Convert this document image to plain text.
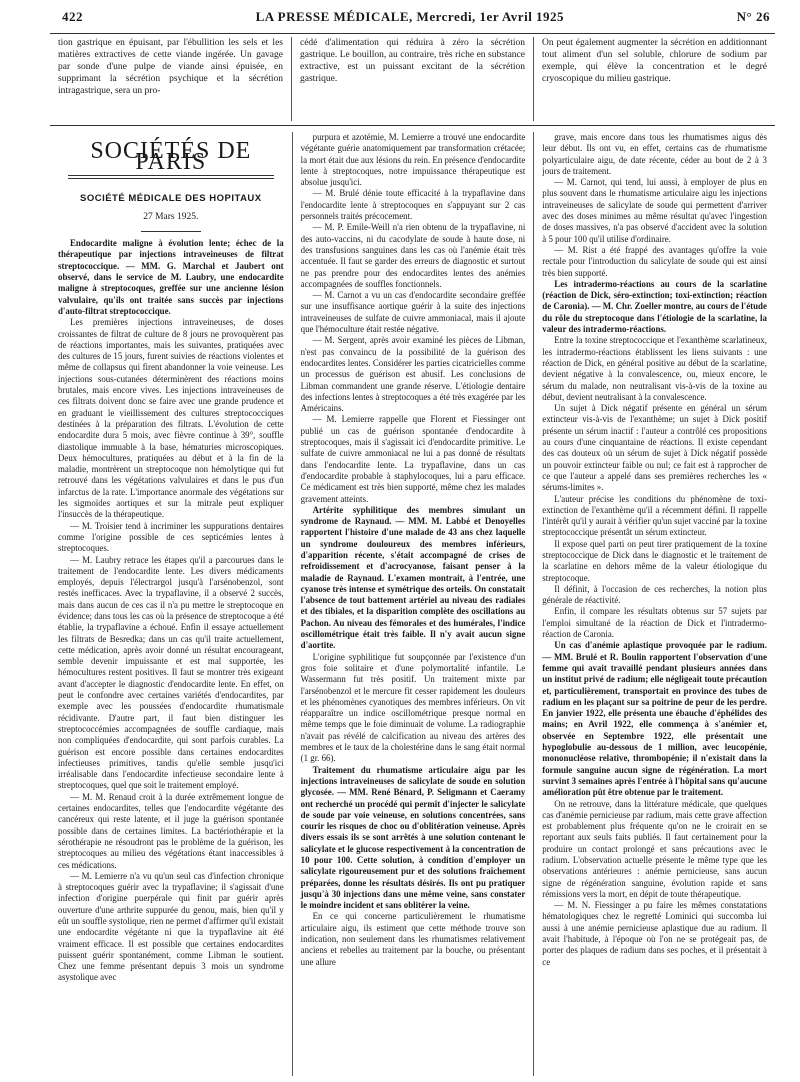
422	LA PRESSE MÉDICALE, Mercredi, 1er Avril 1925	N° 26
tion gastrique en épuisant, par l'ébullition les sels et les matières extractives de cette viande ingérée. Un gavage par sonde d'une pulpe de viande ainsi épuisée, en supprimant la sécrétion psychique et la sécrétion intragastrique, sera un pro-
cédé d'alimentation qui réduira à zéro la sécrétion gastrique. Le bouillon, au contraire, très riche en substance extractive, est un puissant excitant de la sécrétion gastrique.
On peut également augmenter la sécrétion en additionnant tout aliment d'un sel soluble, chlorure de sodium par exemple, qui élève la concentration et le degré cryoscopique du milieu gastrique.
SOCIÉTÉS DE PARIS
SOCIÉTÉ MÉDICALE DES HOPITAUX
27 Mars 1925.

Endocardite maligne à évolution lente; échec de la thérapeutique par injections intraveineuses de filtrat streptococcique. — MM. G. Marchal et Jaubert ont observé, dans le service de M. Laubry, une endocardite maligne à streptocoques, greffée sur une ancienne lésion valvulaire, qu'ils ont traitée sans succès par injections d'auto-filtrat streptococcique.

Les premières injections intraveineuses, de doses croissantes de filtrat de culture de 8 jours ne provoquèrent pas de réactions importantes, mais les suivantes, pratiquées avec des cultures de 15 jours, furent suivies de réactions violentes et même de collapsus qui firent abandonner la voie veineuse. Les injections sous-cutanées déterminèrent des réactions moins brutales, mais encore vives. Les injections intraveineuses de ces filtrats doivent donc se faire avec une grande prudence et en graduant le vieillissement des cultures streptococciques destinées à la préparation des filtrats. L'évolution de cette endocardite dura 5 mois, avec fièvre continue à 39°, souffle diastolique immuable à la base, hématuries microscopiques. Deux hémocultures, pratiquées au début et à la fin de la maladie, montrèrent un streptocoque non hémolytique qui fut retrouvé dans les végétations valvulaires et dans le pus d'un infarctus de la rate. L'importance anormale des végétations sur les sigmoïdes aortiques et sur la mitrale peut expliquer l'insuccès de la thérapeutique.

— M. Troisier tend à incriminer les suppurations dentaires comme l'origine possible de ces septicémies lentes à streptocoques.

— M. Laubry retrace les étapes qu'il a parcourues dans le traitement de l'endocardite lente. Les divers médicaments employés, depuis l'électrargol jusqu'à l'arsénobenzol, sont restés inefficaces. Avec la trypaflavine, il a observé 2 succès, mais dans aucun de ces cas il n'a pu mettre le streptocoque en évidence; dans tous les cas où la présence de streptocoque a été établie, la trypaflavine a échoué. Enfin il essaye actuellement les filtrats de Besredka; dans un cas qu'il traite actuellement, cette médication, après avoir donné un résultat encourageant, semble devenir impuissante et est mal supportée, les hémocultures restent positives. Il faut se montrer très exigeant avant d'accepter le diagnostic d'endocardite lente. En effet, on peut le confondre avec certaines variétés d'endocardites, par exemple avec les poussées d'endocardite rhumatismale récidivante. D'autre part, il faut bien distinguer les streptococcémies accompagnées de souffle cardiaque, mais non compliquées d'endocardite, qui sont parfois curables. La guérison est encore possible dans certaines endocardites infectieuses primitives, tandis qu'elle semble jusqu'ici irréalisable dans l'endocardite infectieuse secondaire lente à streptocoques, quel que soit le traitement employé.

— M. M. Renaud croit à la durée extrêmement longue de certaines endocardites, telles que l'endocardite végétante des cancéreux qui reste latente, et il juge la guérison spontanée possible dans de certaines limites. La bactériothérapie et la sérothérapie ne résoudront pas le problème de la guérison, les streptocoques au milieu des végétations étant inaccessibles à ces médications.

— M. Lemierre n'a vu qu'un seul cas d'infection chronique à streptocoques guérir avec la trypaflavine; il s'agissait d'une infection d'origine puerpérale qui finit par guérir après ouverture d'une arthrite suppurée du genou, mais, bien qu'il y eût un souffle systolique, rien ne permet d'affirmer qu'il existait une endocardite végétante ni que la trypaflavine ait été vraiment efficace. Il est possible que certaines endocardites puissent guérir spontanément, comme Libman le soutient. Chez une femme présentant depuis 3 mois un syndrome asystolique avec

purpura et azotémie, M. Lemierre a trouvé une endocardite végétante guérie anatomiquement par transformation crétacée; la mort était due aux lésions du rein. En présence d'endocardite lente à streptocoques, notre impuissance thérapeutique est absolue jusqu'ici.

— M. Brulé dénie toute efficacité à la trypaflavine dans l'endocardite lente à streptocoques en s'appuyant sur 2 cas personnels traités précocement.

— M. P. Emile-Weill n'a rien obtenu de la trypaflavine, ni des auto-vaccins, ni du cacodylate de soude à haute dose, ni des transfusions sanguines dans les cas où l'anémie était très accentuée. Il faut se garder des erreurs de diagnostic et surtout ne pas prendre pour des endocardites lentes des anémies accompagnées de souffles fonctionnels.

— M. Carnot a vu un cas d'endocardite secondaire greffée sur une insuffisance aortique guérir à la suite des injections intraveineuses de sulfate de cuivre ammoniacal, mais il ajoute que l'hémoculture était restée négative.

— M. Sergent, après avoir examiné les pièces de Libman, n'est pas convaincu de la possibilité de la guérison des endocardites lentes. Considérer les parties cicatricielles comme un processus de guérison est abusif. Les conclusions de Libman commandent une grande réserve. L'étiologie dentaire des infections lentes à streptocoques a été très exagérée par les Américains.

— M. Lemierre rappelle que Florent et Fiessinger ont publié un cas de guérison spontanée d'endocardite à streptocoques, mais il s'agissait ici d'endocardite primitive. Le sulfate de cuivre ammoniacal ne lui a pas donné de résultats dans l'endocardite lente. La trypaflavine, dans un cas d'endocardite probable à staphylocoques, lui a paru efficace. Ce médicament est très bien supporté, même chez les malades gravement atteints.

Artérite syphilitique des membres simulant un syndrome de Raynaud. — MM. M. Labbé et Denoyelles rapportent l'histoire d'une malade de 43 ans chez laquelle un syndrome douloureux des membres inférieurs, d'apparition récente, s'était accompagné de crises de refroidissement et d'acrocyanose, faisant penser à la maladie de Raynaud. L'examen montrait, à l'entrée, une cyanose très intense et symétrique des orteils. On constatait l'absence de tout battement artériel au niveau des radiales et des tibiales, et la disparition complète des oscillations au Pachon. Au niveau des fémorales et des humérales, l'indice oscillométrique était très faible. Il n'y avait aucun signe d'aortite.

L'origine syphilitique fut soupçonnée par l'existence d'un gros foie solitaire et d'une polymortalité infantile. Le Wassermann fut très positif. Un traitement mixte par l'arsénobenzol et le mercure fit cesser rapidement les douleurs et les phénomènes cyanotiques des membres inférieurs. On vit réapparaître un indice oscillométrique presque normal en même temps que le foie diminuait de volume. La radiographie n'avait pas révélé de calcification au niveau des artères des membres et le taux de la cholestérine dans le sang était normal (1 gr. 66).

Traitement du rhumatisme articulaire aigu par les injections intraveineuses de salicylate de soude en solution glycosée. — MM. René Bénard, P. Seligmann et Caeramy ont recherché un procédé qui permît d'injecter le salicylate de soude par voie veineuse, en solutions concentrées, sans courir les risques de choc ou d'oblitération veineuse. Après divers essais ils se sont arrêtés à une solution contenant le salicylate et le glucose respectivement à la concentration de 10 pour 100. Cette solution, à condition d'employer un salicylate rigoureusement pur et des solutions fraîchement préparées, donne les résultats désirés. Ils ont pu pratiquer jusqu'à 30 injections dans une même veine, sans constater le moindre incident et sans oblitérer la veine.

En ce qui concerne particulièrement le rhumatisme articulaire aigu, ils estiment que cette méthode trouve son indication, non seulement dans les rhumatismes relativement anciens et rebelles au traitement par la bouche, ou présentant une allure

grave, mais encore dans tous les rhumatismes aigus dès leur début. Ils ont vu, en effet, certains cas de rhumatisme polyarticulaire aigu, de date récente, céder au bout de 2 à 3 jours de traitement.

— M. Carnot, qui tend, lui aussi, à employer de plus en plus souvent dans le rhumatisme articulaire aigu les injections intraveineuses de salicylate de soude qui permettent d'arriver avec des doses minimes au même résultat qu'avec l'ingestion de doses massives, n'a pas observé d'accident avec la solution à 5 pour 100 qu'il utilise d'ordinaire.

— M. Rist a été frappé des avantages qu'offre la voie rectale pour l'introduction du salicylate de soude qui est ainsi très bien supporté.

Les intradermo-réactions au cours de la scarlatine (réaction de Dick, séro-extinction; toxi-extinction; réaction de Caronia). — M. Chr. Zoeller montre, au cours de l'étude du rôle du streptocoque dans l'étiologie de la scarlatine, la valeur des intradermo-réactions.

Entre la toxine streptococcique et l'exanthème scarlatineux, les intradermo-réactions établissent les liens suivants : une réaction de Dick, en général positive au début de la scarlatine, devient négative à la convalescence, ou, mieux encore, le sérum du malade, non neutralisant vis-à-vis de la toxine au début, devient neutralisant à la convalescence.

Un sujet à Dick négatif présente en général un sérum extincteur vis-à-vis de l'exanthème; un sujet à Dick positif présente un sérum inactif : l'auteur a contrôlé ces propositions au cours d'une cinquantaine de réactions. Il existe cependant des cas douteux où un sérum de sujet à Dick négatif possède un pouvoir extincteur faible ou nul; ce fait est à rapprocher de ce que l'auteur a appelé dans ses premières recherches les « sérums-limites ».

L'auteur précise les conditions du phénomène de toxi-extinction de l'exanthème qu'il a récemment défini. Il rappelle l'intérêt qu'il y aurait à vérifier qu'un sujet vacciné par la toxine streptococcique présentât un sérum extincteur.

Il expose quel parti on peut tirer pratiquement de la toxine streptococcique de Dick dans le diagnostic et le traitement de la scarlatine en dehors même de la valeur étiologique du streptocoque.

Il définit, à l'occasion de ces recherches, la notion plus générale de réactivité.

Enfin, il compare les résultats obtenus sur 57 sujets par l'emploi simultané de la réaction de Dick et l'intradermo-réaction de Caronia.

Un cas d'anémie aplastique provoquée par le radium. — MM. Brulé et R. Boulin rapportent l'observation d'une femme qui avait travaillé pendant plusieurs années dans un institut privé de radium; elle négligeait toute précaution et, particulièrement, transportait en province des tubes de radium en les plaçant sur sa poitrine de peur de les perdre. En janvier 1922, elle présenta une ébauche d'éphélides des mains; en Avril 1922, elle commença à s'anémier et, observée en Septembre 1922, elle présentait une hypoglobulie au-dessous de 1 million, avec leucopénie, mononucléose relative, thrombopénie; il n'existait dans la formule sanguine aucun signe de régénération. La mort survint 3 semaines après l'entrée à l'hôpital sans qu'aucune amélioration pût être obtenue par le traitement.

On ne retrouve, dans la littérature médicale, que quelques cas d'anémie pernicieuse par radium, mais cette grave affection est probablement plus fréquente qu'on ne le croirait en se reportant aux seuls faits publiés. Il faut certainement pour la produire un contact prolongé et sans précautions avec le radium. L'observation actuelle présente le même type que les observations antérieures : anémie pernicieuse, sans aucun signe de régénération sanguine, évolution rapide et sans rémissions vers la mort, en dépit de toute thérapeutique.

— M. N. Fiessinger a pu faire les mêmes constatations hématologiques chez le regretté Lominici qui succomba lui aussi à une anémie pernicieuse aplastique due au radium. Il avait l'habitude, à l'époque où l'on ne se protégeait pas, de porter des plaques de radium dans ses poches, et il présentait à ce
